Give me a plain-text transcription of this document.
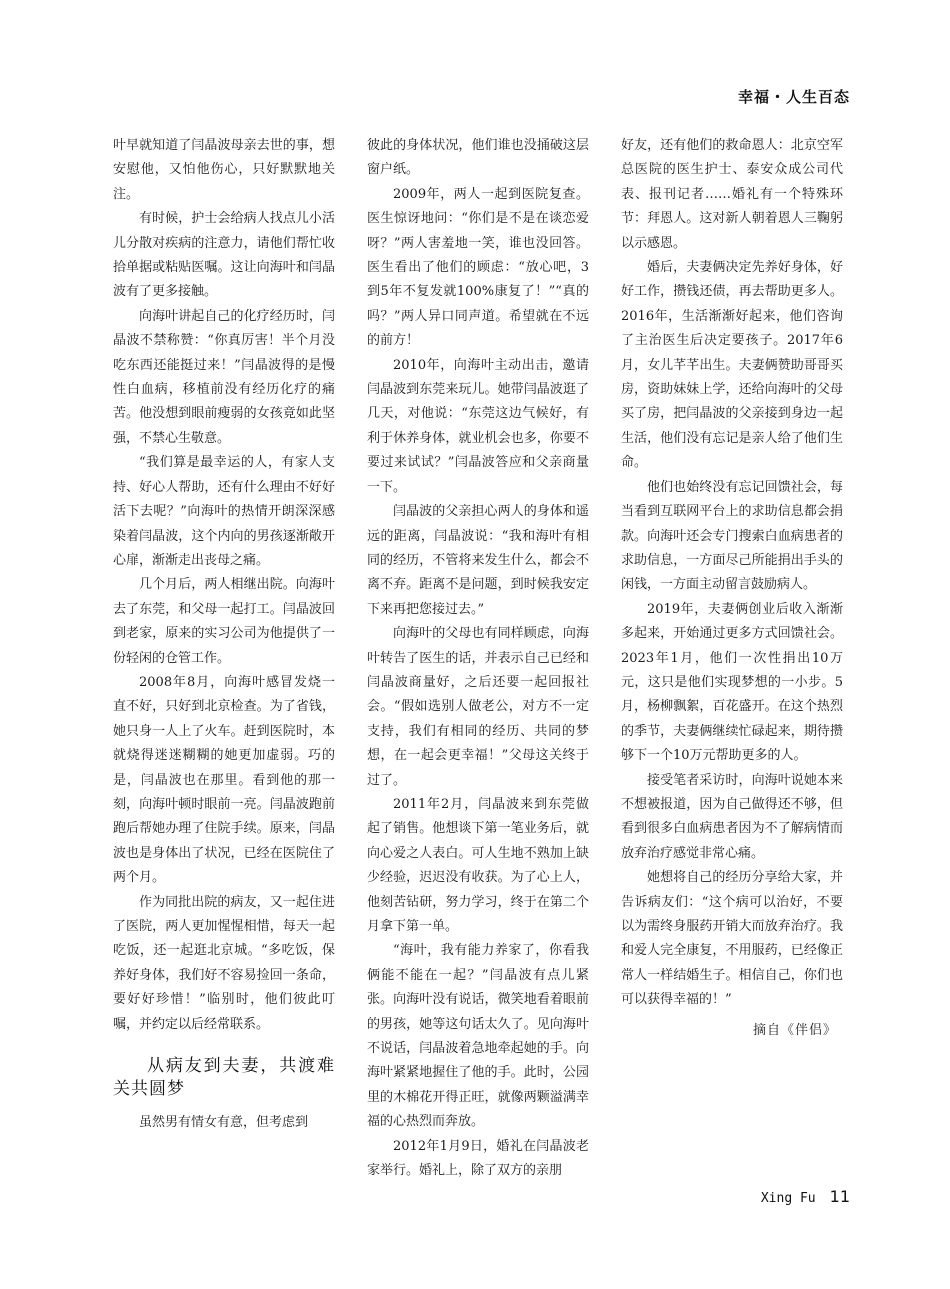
幸福・人生百态

叶早就知道了闫晶波母亲去世的事，想安慰他，又怕他伤心，只好默默地关注。

有时候，护士会给病人找点儿小活儿分散对疾病的注意力，请他们帮忙收拾单据或粘贴医嘱。这让向海叶和闫晶波有了更多接触。

向海叶讲起自己的化疗经历时，闫晶波不禁称赞：“你真厉害！半个月没吃东西还能挺过来！”闫晶波得的是慢性白血病，移植前没有经历化疗的痛苦。他没想到眼前瘦弱的女孩竟如此坚强，不禁心生敬意。

“我们算是最幸运的人，有家人支持、好心人帮助，还有什么理由不好好活下去呢？”向海叶的热情开朗深深感染着闫晶波，这个内向的男孩逐渐敞开心扉，渐渐走出丧母之痛。

几个月后，两人相继出院。向海叶去了东莞，和父母一起打工。闫晶波回到老家，原来的实习公司为他提供了一份轻闲的仓管工作。

2008年8月，向海叶感冒发烧一直不好，只好到北京检查。为了省钱，她只身一人上了火车。赶到医院时，本就烧得迷迷糊糊的她更加虚弱。巧的是，闫晶波也在那里。看到他的那一刻，向海叶顿时眼前一亮。闫晶波跑前跑后帮她办理了住院手续。原来，闫晶波也是身体出了状况，已经在医院住了两个月。

作为同批出院的病友，又一起住进了医院，两人更加惺惺相惜，每天一起吃饭，还一起逛北京城。“多吃饭，保养好身体，我们好不容易捡回一条命，要好好珍惜！”临别时，他们彼此叮嘱，并约定以后经常联系。

从病友到夫妻，共渡难关共圆梦

虽然男有情女有意，但考虑到

彼此的身体状况，他们谁也没捅破这层窗户纸。

2009年，两人一起到医院复查。医生惊讶地问：“你们是不是在谈恋爱呀？”两人害羞地一笑，谁也没回答。医生看出了他们的顾虑：“放心吧，3到5年不复发就100%康复了！”“真的吗？”两人异口同声道。希望就在不远的前方！

2010年，向海叶主动出击，邀请闫晶波到东莞来玩儿。她带闫晶波逛了几天，对他说：“东莞这边气候好，有利于休养身体，就业机会也多，你要不要过来试试？”闫晶波答应和父亲商量一下。

闫晶波的父亲担心两人的身体和遥远的距离，闫晶波说：“我和海叶有相同的经历，不管将来发生什么，都会不离不弃。距离不是问题，到时候我安定下来再把您接过去。”

向海叶的父母也有同样顾虑，向海叶转告了医生的话，并表示自己已经和闫晶波商量好，之后还要一起回报社会。“假如选别人做老公，对方不一定支持，我们有相同的经历、共同的梦想，在一起会更幸福！”父母这关终于过了。

2011年2月，闫晶波来到东莞做起了销售。他想谈下第一笔业务后，就向心爱之人表白。可人生地不熟加上缺少经验，迟迟没有收获。为了心上人，他刻苦钻研，努力学习，终于在第二个月拿下第一单。

“海叶，我有能力养家了，你看我俩能不能在一起？”闫晶波有点儿紧张。向海叶没有说话，微笑地看着眼前的男孩，她等这句话太久了。见向海叶不说话，闫晶波着急地牵起她的手。向海叶紧紧地握住了他的手。此时，公园里的木棉花开得正旺，就像两颗溢满幸福的心热烈而奔放。

2012年1月9日，婚礼在闫晶波老家举行。婚礼上，除了双方的亲朋

好友，还有他们的救命恩人：北京空军总医院的医生护士、泰安众成公司代表、报刊记者……婚礼有一个特殊环节：拜恩人。这对新人朝着恩人三鞠躬以示感恩。

婚后，夫妻俩决定先养好身体，好好工作，攒钱还债，再去帮助更多人。2016年，生活渐渐好起来，他们咨询了主治医生后决定要孩子。2017年6月，女儿芊芊出生。夫妻俩赞助哥哥买房，资助妹妹上学，还给向海叶的父母买了房，把闫晶波的父亲接到身边一起生活，他们没有忘记是亲人给了他们生命。

他们也始终没有忘记回馈社会，每当看到互联网平台上的求助信息都会捐款。向海叶还会专门搜索白血病患者的求助信息，一方面尽己所能捐出手头的闲钱，一方面主动留言鼓励病人。

2019年，夫妻俩创业后收入渐渐多起来，开始通过更多方式回馈社会。2023年1月，他们一次性捐出10万元，这只是他们实现梦想的一小步。5月，杨柳飘絮，百花盛开。在这个热烈的季节，夫妻俩继续忙碌起来，期待攒够下一个10万元帮助更多的人。

接受笔者采访时，向海叶说她本来不想被报道，因为自己做得还不够，但看到很多白血病患者因为不了解病情而放弃治疗感觉非常心痛。

她想将自己的经历分享给大家，并告诉病友们：“这个病可以治好，不要以为需终身服药开销大而放弃治疗。我和爱人完全康复，不用服药，已经像正常人一样结婚生子。相信自己，你们也可以获得幸福的！”

摘自《伴侣》
Xing Fu 11
